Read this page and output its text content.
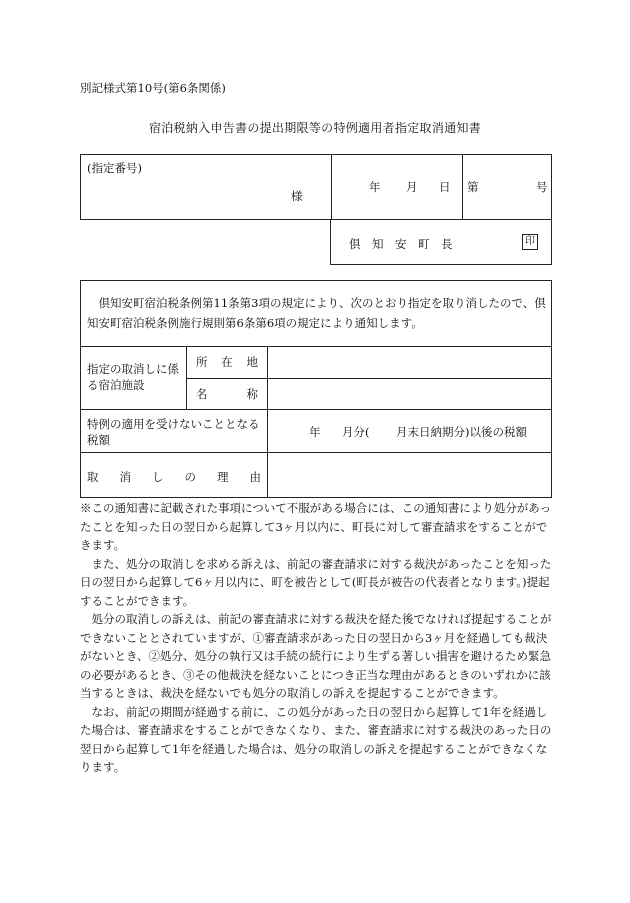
別記様式第10号(第6条関係)
宿泊税納入申告書の提出期限等の特例適用者指定取消通知書
(指定番号)
様
年 月 日 第	号
倶知安町長	印
倶知安町宿泊税条例第11条第3項の規定により、次のとおり指定を取り消したので、倶知安町宿泊税条例施行規則第6条第6項の規定により通知します。
指定の取消しに係る宿泊施設
所在地
名称
特例の適用を受けないこととなる税額
年 月分( 月末日納期分)以後の税額
取消しの理由

※この通知書に記載された事項について不服がある場合には、この通知書により処分があったことを知った日の翌日から起算して3ヶ月以内に、町長に対して審査請求をすることができます。

また、処分の取消しを求める訴えは、前記の審査請求に対する裁決があったことを知った日の翌日から起算して6ヶ月以内に、町を被告として(町長が被告の代表者となります。)提起することができます。

処分の取消しの訴えは、前記の審査請求に対する裁決を経た後でなければ提起することができないこととされていますが、①審査請求があった日の翌日から3ヶ月を経過しても裁決がないとき、②処分、処分の執行又は手続の続行により生ずる著しい損害を避けるため緊急の必要があるとき、③その他裁決を経ないことにつき正当な理由があるときのいずれかに該当するときは、裁決を経ないでも処分の取消しの訴えを提起することができます。

なお、前記の期間が経過する前に、この処分があった日の翌日から起算して1年を経過した場合は、審査請求をすることができなくなり、また、審査請求に対する裁決のあった日の翌日から起算して1年を経過した場合は、処分の取消しの訴えを提起することができなくなります。
